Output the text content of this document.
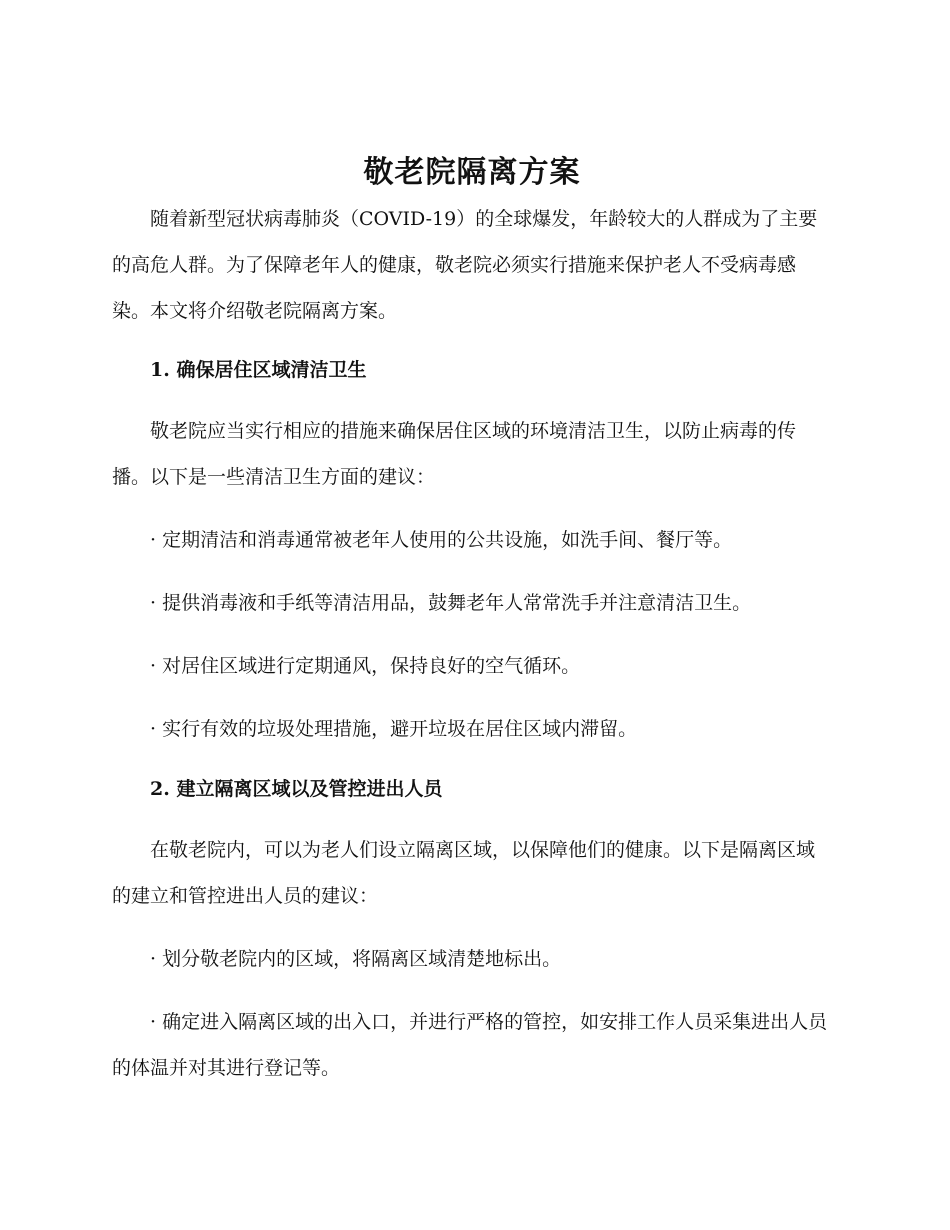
敬老院隔离方案

随着新型冠状病毒肺炎（COVID-19）的全球爆发，年龄较大的人群成为了主要的高危人群。为了保障老年人的健康，敬老院必须实行措施来保护老人不受病毒感染。本文将介绍敬老院隔离方案。

1. 确保居住区域清洁卫生

敬老院应当实行相应的措施来确保居住区域的环境清洁卫生，以防止病毒的传播。以下是一些清洁卫生方面的建议：

· 定期清洁和消毒通常被老年人使用的公共设施，如洗手间、餐厅等。

· 提供消毒液和手纸等清洁用品，鼓舞老年人常常洗手并注意清洁卫生。

· 对居住区域进行定期通风，保持良好的空气循环。

· 实行有效的垃圾处理措施，避开垃圾在居住区域内滞留。

2. 建立隔离区域以及管控进出人员

在敬老院内，可以为老人们设立隔离区域，以保障他们的健康。以下是隔离区域的建立和管控进出人员的建议：

· 划分敬老院内的区域，将隔离区域清楚地标出。

· 确定进入隔离区域的出入口，并进行严格的管控，如安排工作人员采集进出人员的体温并对其进行登记等。
